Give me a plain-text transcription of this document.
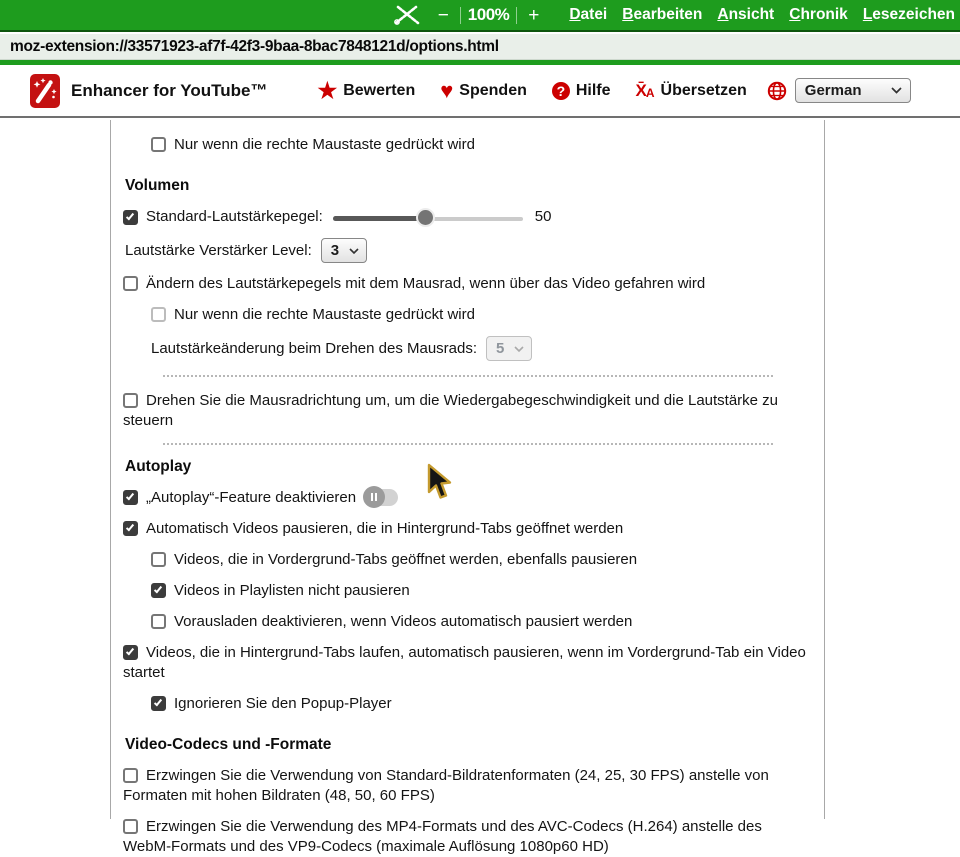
− 100% +	Datei Bearbeiten Ansicht Chronik Lesezeichen
moz-extension://33571923-af7f-42f3-9baa-8bac7848121d/options.html
Enhancer for YouTube™ ★ Bewerten ♥ Spenden	? Hilfe X̄ A Übersetzen	German
Nur wenn die rechte Maustaste gedrückt wird
Volumen
Standard-Lautstärkepegel:	50
Lautstärke Verstärker Level: 3
Ändern des Lautstärkepegels mit dem Mausrad, wenn über das Video gefahren wird
Nur wenn die rechte Maustaste gedrückt wird
Lautstärkeänderung beim Drehen des Mausrads: 5
Drehen Sie die Mausradrichtung um, um die Wiedergabegeschwindigkeit und die Lautstärke zu steuern
Autoplay
„Autoplay“-Feature deaktivieren
Automatisch Videos pausieren, die in Hintergrund-Tabs geöffnet werden
Videos, die in Vordergrund-Tabs geöffnet werden, ebenfalls pausieren
Videos in Playlisten nicht pausieren
Vorausladen deaktivieren, wenn Videos automatisch pausiert werden
Videos, die in Hintergrund-Tabs laufen, automatisch pausieren, wenn im Vordergrund-Tab ein Video startet
Ignorieren Sie den Popup-Player
Video-Codecs und -Formate
Erzwingen Sie die Verwendung von Standard-Bildratenformaten (24, 25, 30 FPS) anstelle von Formaten mit hohen Bildraten (48, 50, 60 FPS)
Erzwingen Sie die Verwendung des MP4-Formats und des AVC-Codecs (H.264) anstelle des WebM-Formats und des VP9-Codecs (maximale Auflösung 1080p60 HD)
